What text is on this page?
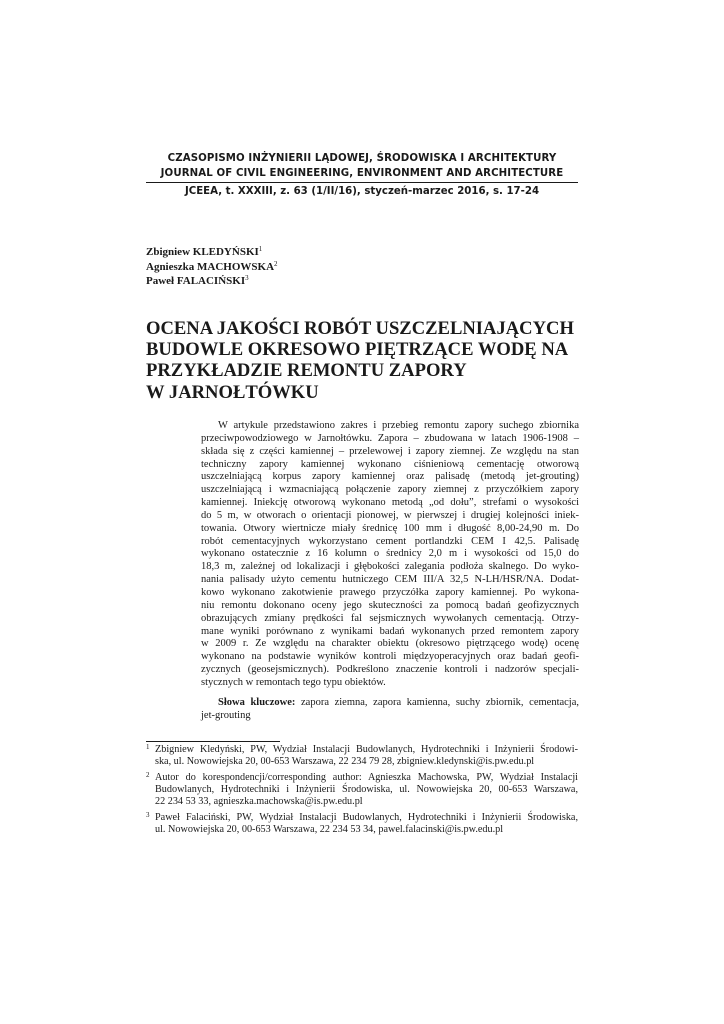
CZASOPISMO INŻYNIERII LĄDOWEJ, ŚRODOWISKA I ARCHITEKTURY
JOURNAL OF CIVIL ENGINEERING, ENVIRONMENT AND ARCHITECTURE
JCEEA, t. XXXIII, z. 63 (1/II/16), styczeń-marzec 2016, s. 17-24
Zbigniew KLEDYŃSKI$^1$
Agnieszka MACHOWSKA$^2$
Paweł FALACIŃSKI$^3$
OCENA JAKOŚCI ROBÓT USZCZELNIAJĄCYCH
BUDOWLE OKRESOWO PIĘTRZĄCE WODĘ NA
PRZYKŁADZIE REMONTU ZAPORY
W JARNOŁTÓWKU
W artykule przedstawiono zakres i przebieg remontu zapory suchego zbiornika
przeciwpowodziowego w Jarnołtówku. Zapora – zbudowana w latach 1906-1908 –
składa się z części kamiennej – przelewowej i zapory ziemnej. Ze względu na stan
techniczny zapory kamiennej wykonano ciśnieniową cementację otworową
uszczelniającą korpus zapory kamiennej oraz palisadę (metodą jet-grouting)
uszczelniającą i wzmacniającą połączenie zapory ziemnej z przyczółkiem zapory
kamiennej. Iniekcję otworową wykonano metodą „od dołu”, strefami o wysokości
do 5 m, w otworach o orientacji pionowej, w pierwszej i drugiej kolejności iniek-
towania. Otwory wiertnicze miały średnicę 100 mm i długość 8,00-24,90 m. Do
robót cementacyjnych wykorzystano cement portlandzki CEM I 42,5. Palisadę
wykonano ostatecznie z 16 kolumn o średnicy 2,0 m i wysokości od 15,0 do
18,3 m, zależnej od lokalizacji i głębokości zalegania podłoża skalnego. Do wyko-
nania palisady użyto cementu hutniczego CEM III/A 32,5 N-LH/HSR/NA. Dodat-
kowo wykonano zakotwienie prawego przyczółka zapory kamiennej. Po wykona-
niu remontu dokonano oceny jego skuteczności za pomocą badań geofizycznych
obrazujących zmiany prędkości fal sejsmicznych wywołanych cementacją. Otrzy-
mane wyniki porównano z wynikami badań wykonanych przed remontem zapory
w 2009 r. Ze względu na charakter obiektu (okresowo piętrzącego wodę) ocenę
wykonano na podstawie wyników kontroli międzyoperacyjnych oraz badań geofi-
zycznych (geosejsmicznych). Podkreślono znaczenie kontroli i nadzorów specjali-
stycznych w remontach tego typu obiektów.
Słowa kluczowe: zapora ziemna, zapora kamienna, suchy zbiornik, cementacja,
jet-grouting
1 Zbigniew Kledyński, PW, Wydział Instalacji Budowlanych, Hydrotechniki i Inżynierii Środowi-
ska, ul. Nowowiejska 20, 00-653 Warszawa, 22 234 79 28, zbigniew.kledynski@is.pw.edu.pl
2 Autor do korespondencji/corresponding author: Agnieszka Machowska, PW, Wydział Instalacji
Budowlanych, Hydrotechniki i Inżynierii Środowiska, ul. Nowowiejska 20, 00-653 Warszawa,
22 234 53 33, agnieszka.machowska@is.pw.edu.pl
3 Paweł Falaciński, PW, Wydział Instalacji Budowlanych, Hydrotechniki i Inżynierii Środowiska,
ul. Nowowiejska 20, 00-653 Warszawa, 22 234 53 34, pawel.falacinski@is.pw.edu.pl
